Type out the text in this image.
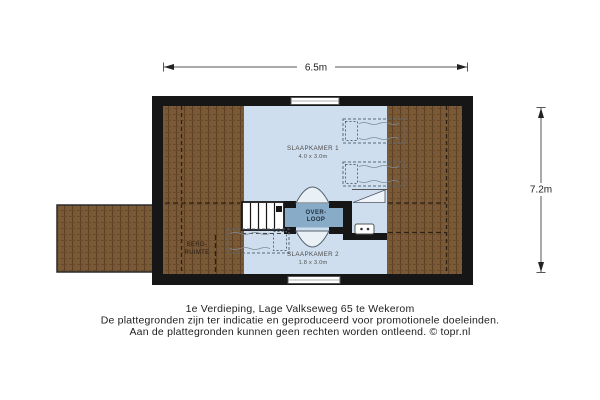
6.5m
7.2m
SLAAPKAMER 1
4.0 x 3.0m
SLAAPKAMER 2
1.8 x 3.0m
OVER-
LOOP
BERG-
RUIMTE
1e Verdieping, Lage Valkseweg 65 te Wekerom
De plattegronden zijn ter indicatie en geproduceerd voor promotionele doeleinden.
Aan de plattegronden kunnen geen rechten worden ontleend. © topr.nl
